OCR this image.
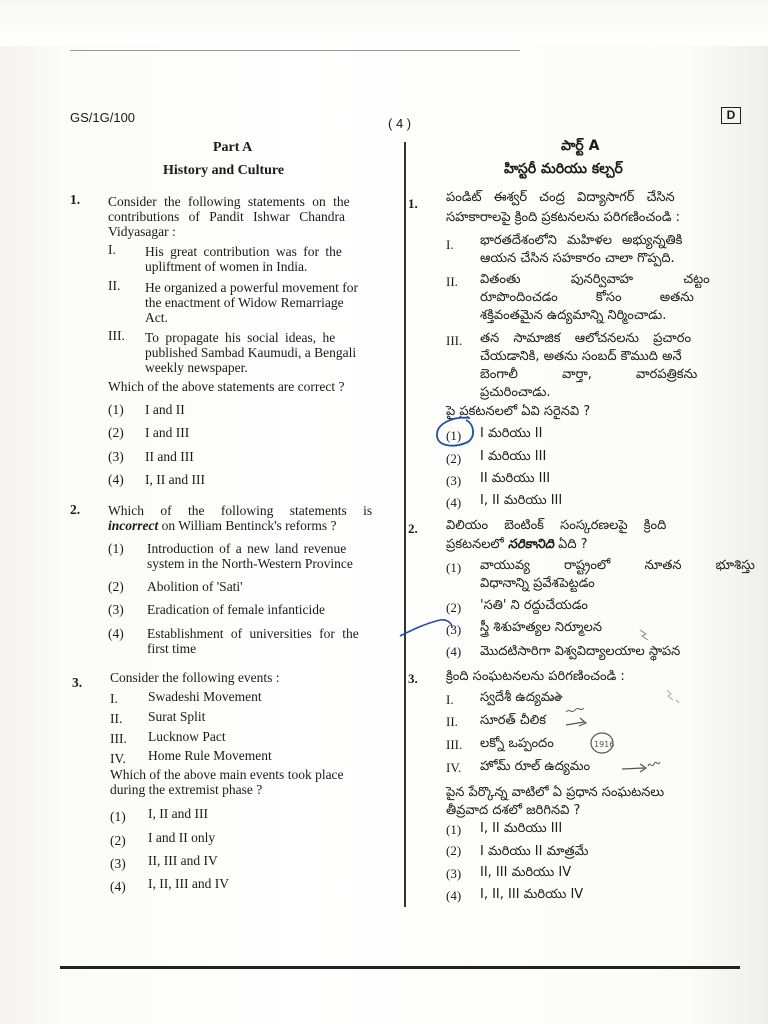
GS/1G/100	( 4 )
D
Part A
History and Culture
1. Consider the following statements on the
contributions of Pandit Ishwar Chandra
Vidyasagar :
I. His great contribution was for the
upliftment of women in India.
II. He organized a powerful movement for
the enactment of Widow Remarriage
Act.
III. To propagate his social ideas, he
published Sambad Kaumudi, a Bengali
weekly newspaper.
Which of the above statements are correct ?
(1) I and II
(2) I and III
(3) II and III
(4) I, II and III
2. Which of the following statements is
incorrect on William Bentinck's reforms ?
(1) Introduction of a new land revenue
system in the North-Western Province
(2) Abolition of 'Sati'
(3) Eradication of female infanticide
(4) Establishment of universities for the
first time
3. Consider the following events :
I. Swadeshi Movement
II. Surat Split
III. Lucknow Pact
IV. Home Rule Movement
Which of the above main events took place
during the extremist phase ?
(1) I, II and III
(2) I and II only
(3) II, III and IV
(4) I, II, III and IV
పార్ట్ A
హిస్టరీ మరియు కల్చర్
1. పండిట్ ఈశ్వర్ చంద్ర విద్యాసాగర్ చేసిన
సహకారాలపై క్రింది ప్రకటనలను పరిగణించండి :
I. భారతదేశంలోని మహిళల అభ్యున్నతికి
ఆయన చేసిన సహకారం చాలా గొప్పది.
II. వితంతు పునర్వివాహ చట్టం
రూపొందించడం కోసం అతను
శక్తివంతమైన ఉద్యమాన్ని నిర్మించాడు.
III. తన సామాజిక ఆలోచనలను ప్రచారం
చేయడానికి, అతను సంబద్ కౌముది అనే
బెంగాలీ వార్తా, వారపత్రికను
ప్రచురించాడు.
పై ప్రకటనలలో ఏవి సరైనవి ?
(1) I మరియు II
(2) I మరియు III
(3) II మరియు III
(4) I, II మరియు III
2. విలియం బెంటింక్ సంస్కరణలపై క్రింది
ప్రకటనలలో సరికానిది ఏది ?
(1) వాయువ్య రాష్ట్రంలో నూతన భూశిస్తు
విధానాన్ని ప్రవేశపెట్టడం
(2) 'సతి' ని రద్దుచేయడం
(3) స్త్రీ శిశుహత్యల నిర్మూలన
(4) మొదటిసారిగా విశ్వవిద్యాలయాల స్థాపన
3. క్రింది సంఘటనలను పరిగణించండి :
I. స్వదేశీ ఉద్యమం
II. సూరత్ చీలిక
III. లక్నో ఒప్పందం
IV. హోమ్ రూల్ ఉద్యమం
పైన పేర్కొన్న వాటిలో ఏ ప్రధాన సంఘటనలు
తీవ్రవాద దశలో జరిగినవి ?
(1) I, II మరియు III
(2) I మరియు II మాత్రమే
(3) II, III మరియు IV
(4) I, II, III మరియు IV
1916
